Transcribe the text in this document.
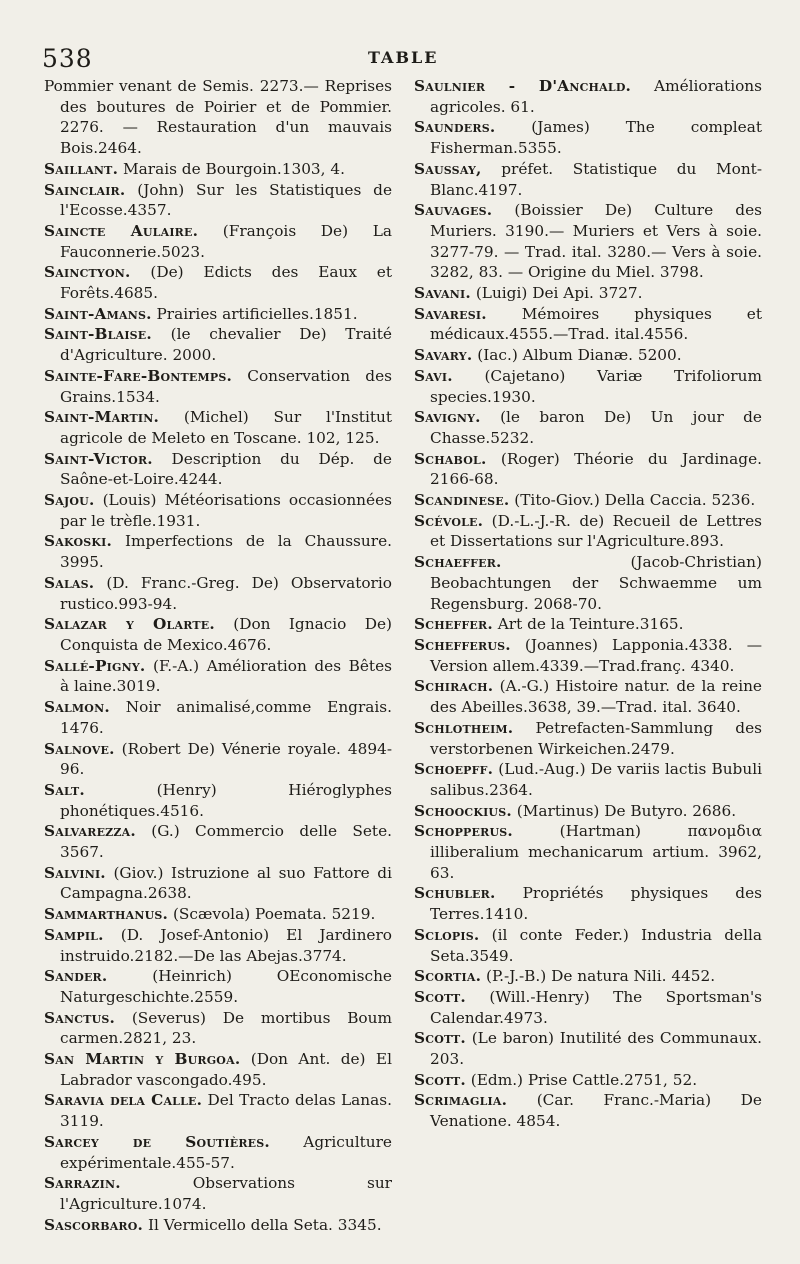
538	TABLE

Pommier venant de Semis. 2273.— Reprises des boutures de Poirier et de Pommier. 2276. — Restauration d'un mauvais Bois.2464.

Saillant. Marais de Bourgoin.1303, 4.

Sainclair. (John) Sur les Statistiques de l'Ecosse.4357.

Saincte Aulaire. (François De) La Fauconnerie.5023.

Sainctyon. (De) Edicts des Eaux et Forêts.4685.

Saint-Amans. Prairies artificielles.1851.

Saint-Blaise. (le chevalier De) Traité d'Agriculture. 2000.

Sainte-Fare-Bontemps. Conservation des Grains.1534.

Saint-Martin. (Michel) Sur l'Institut agricole de Meleto en Toscane. 102, 125.

Saint-Victor. Description du Dép. de Saône-et-Loire.4244.

Sajou. (Louis) Météorisations occasionnées par le trèfle.1931.

Sakoski. Imperfections de la Chaussure. 3995.

Salas. (D. Franc.-Greg. De) Observatorio rustico.993-94.

Salazar y Olarte. (Don Ignacio De) Conquista de Mexico.4676.

Sallé-Pigny. (F.-A.) Amélioration des Bêtes à laine.3019.

Salmon. Noir animalisé,comme Engrais. 1476.

Salnove. (Robert De) Vénerie royale. 4894-96.

Salt.	(Henry) Hiéroglyphes phonétiques.4516.

Salvarezza. (G.) Commercio delle Sete. 3567.

Salvini. (Giov.) Istruzione al suo Fattore di Campagna.2638.

Sammarthanus. (Scævola) Poemata. 5219.

Sampil. (D. Josef-Antonio) El Jardinero instruido.2182.—De las Abejas.3774.

Sander.	(Heinrich) OEconomische Naturgeschichte.2559.

Sanctus. (Severus) De mortibus Boum carmen.2821, 23.

San Martin y Burgoa. (Don Ant. de) El Labrador vascongado.495.

Saravia dela Calle. Del Tracto delas Lanas. 3119.

Sarcey de Soutières. Agriculture expérimentale.455-57.

Sarrazin.	Observations sur l'Agriculture.1074.

Sascorbaro. Il Vermicello della Seta. 3345.

Saulnier - D'Anchald. Améliorations agricoles. 61.

Saunders. (James) The compleat Fisherman.5355.

Saussay, préfet. Statistique du Mont-Blanc.4197.

Sauvages. (Boissier De) Culture des Muriers. 3190.— Muriers et Vers à soie. 3277-79. — Trad. ital. 3280.— Vers à soie. 3282, 83. — Origine du Miel. 3798.

Savani. (Luigi) Dei Api. 3727.

Savaresi. Mémoires physiques et médicaux.4555.—Trad. ital.4556.

Savary. (Iac.) Album Dianæ. 5200.

Savi. (Cajetano) Variæ Trifoliorum species.1930.

Savigny. (le baron De) Un jour de Chasse.5232.

Schabol. (Roger) Théorie du Jardinage. 2166-68.

Scandinese. (Tito-Giov.) Della Caccia. 5236.

Scévole. (D.-L.-J.-R. de) Recueil de Lettres et Dissertations sur l'Agriculture.893.

Schaeffer.	(Jacob-Christian) Beobachtungen der Schwaemme um Regensburg. 2068-70.

Scheffer. Art de la Teinture.3165.

Schefferus. (Joannes) Lapponia.4338. —Version allem.4339.—Trad.franç. 4340.

Schirach. (A.-G.) Histoire natur. de la reine des Abeilles.3638, 39.—Trad. ital. 3640.

Schlotheim. Petrefacten-Sammlung des verstorbenen Wirkeichen.2479.

Schoepff. (Lud.-Aug.) De variis lactis Bubuli salibus.2364.

Schoockius. (Martinus) De Butyro. 2686.

Schopperus.	(Hartman) πανομδια illiberalium mechanicarum artium. 3962, 63.

Schubler. Propriétés physiques des Terres.1410.

Sclopis. (il conte Feder.) Industria della Seta.3549.

Scortia. (P.-J.-B.) De natura Nili. 4452.

Scott. (Will.-Henry) The Sportsman's Calendar.4973.

Scott. (Le baron) Inutilité des Communaux. 203.

Scott. (Edm.) Prise Cattle.2751, 52.

Scrimaglia. (Car. Franc.-Maria) De Venatione. 4854.
